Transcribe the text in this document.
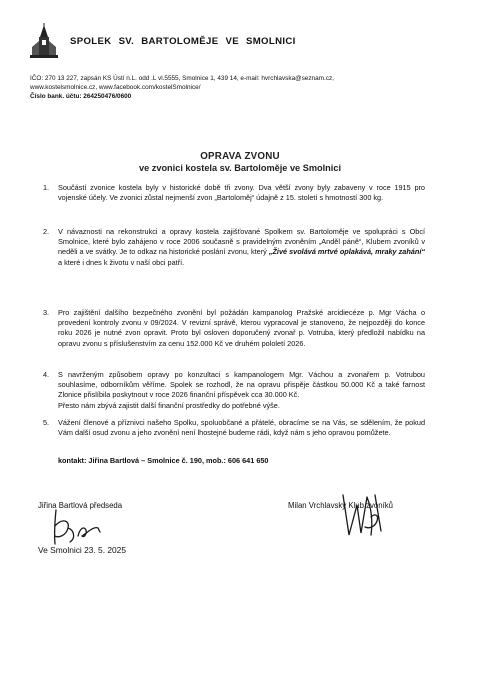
SPOLEK SV. BARTOLOMĚJE VE SMOLNICI
IČO: 270 13 227, zapsán KS Ústí n.L. odd .L vl.5555, Smolnice 1, 439 14, e-mail: hvrchlavska@seznam.cz,
www.kostelsmolnice.cz, www.facebook.com/kostelSmolnice/
Číslo bank. účtu: 264250476/0600
OPRAVA ZVONU
ve zvonici kostela sv. Bartoloměje ve Smolnici
1. Součástí zvonice kostela byly v historické době tři zvony. Dva větší zvony byly zabaveny v roce 1915 pro vojenské účely. Ve zvonici zůstal nejmenší zvon „Bartoloměj“ údajně z 15. století s hmotností 300 kg.

2. V návaznosti na rekonstrukci a opravy kostela zajišťované Spolkem sv. Bartoloměje ve spolupráci s Obcí Smolnice, které bylo zahájeno v roce 2006 současně s pravidelným zvoněním „Anděl páně“, Klubem zvoníků v neděli a ve svátky. Je to odkaz na historické poslání zvonu, který „Živé svolává mrtvé oplakává, mraky zahání“ a které i dnes k životu v naší obci patří.

3. Pro zajištění dalšího bezpečného zvonění byl požádán kampanolog Pražské arcidiecéze p. Mgr Vácha o provedení kontroly zvonu v 09/2024. V revizní správě, kterou vypracoval je stanoveno, že nejpozději do konce roku 2026 je nutné zvon opravit. Proto byl osloven doporučený zvonař p. Votruba, který předložil nabídku na opravu zvonu s příslušenstvím za cenu 152.000 Kč ve druhém pololetí 2026.

4. S navrženým způsobem opravy po konzultaci s kampanologem Mgr. Váchou a zvonařem p. Votrubou souhlasíme, odborníkům věříme. Spolek se rozhodl, že na opravu přispěje částkou 50.000 Kč a také farnost Zlonice přislíbila poskytnout v roce 2026 finanční příspěvek cca 30.000 Kč.

Přesto nám zbývá zajistit další finanční prostředky do potřebné výše.

5. Vážení členové a příznivci našeho Spolku, spoluobčané a přátelé, obracíme se na Vás, se sdělením, že pokud Vám další osud zvonu a jeho zvonění není lhostejné budeme rádi, když nám s jeho opravou pomůžete.

kontakt: Jiřina Bartlová – Smolnice č. 190, mob.: 606 641 650
Jiřina Bartlová předseda	Milan Vrchlavský Klub zvoníků
Ve Smolnici 23. 5. 2025
